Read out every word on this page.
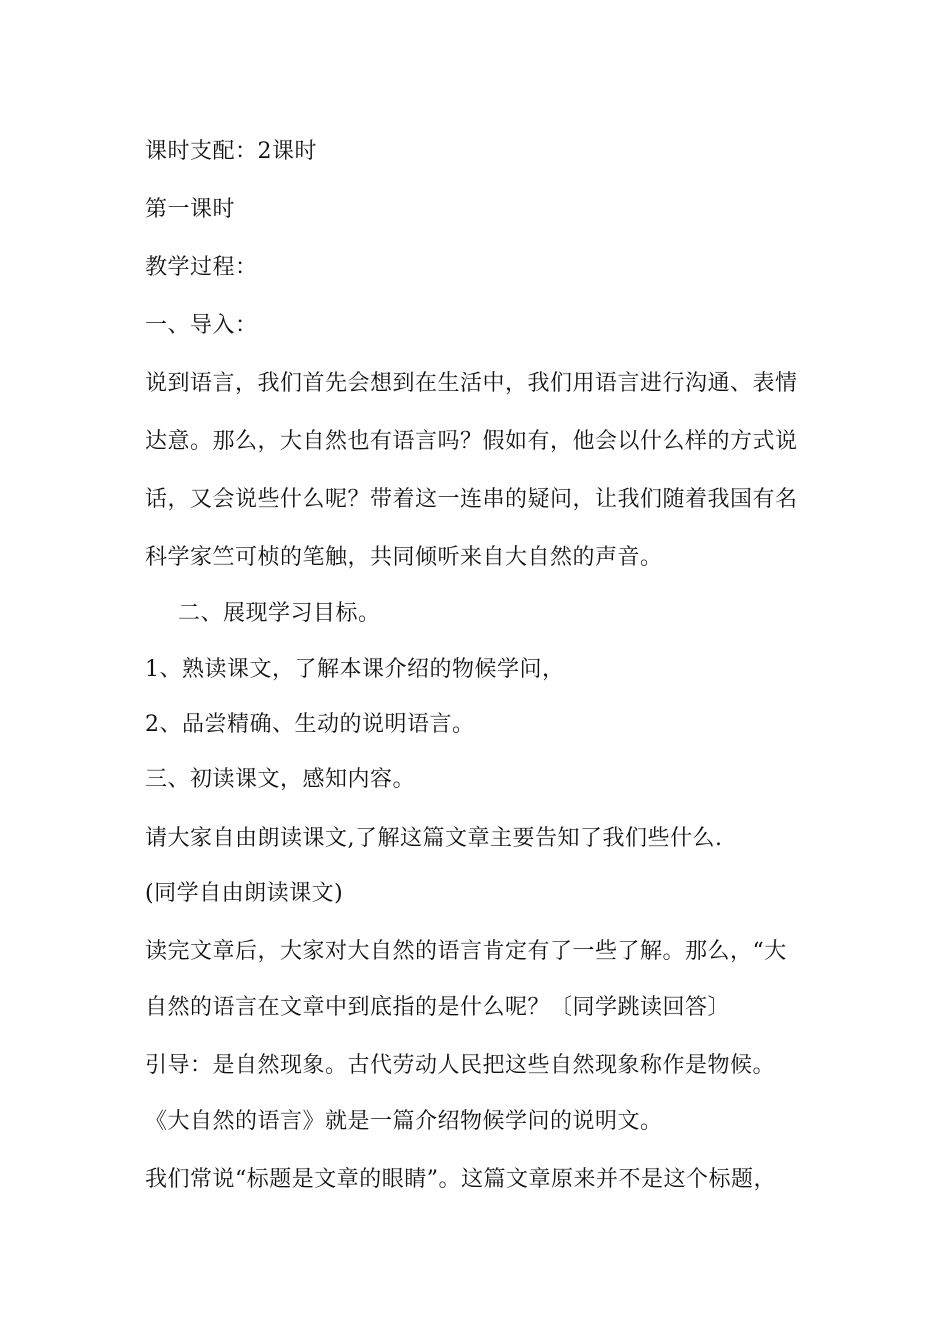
课时支配：2课时
第一课时
教学过程：
一、导入：
说到语言，我们首先会想到在生活中，我们用语言进行沟通、表情
达意。那么，大自然也有语言吗？假如有，他会以什么样的方式说
话，又会说些什么呢？带着这一连串的疑问，让我们随着我国有名
科学家竺可桢的笔触，共同倾听来自大自然的声音。
二、展现学习目标。
1、熟读课文，了解本课介绍的物候学问，
2、品尝精确、生动的说明语言。
三、初读课文，感知内容。
请大家自由朗读课文,了解这篇文章主要告知了我们些什么.
(同学自由朗读课文)
读完文章后，大家对大自然的语言肯定有了一些了解。那么，“大
自然的语言在文章中到底指的是什么呢？〔同学跳读回答〕
引导：是自然现象。古代劳动人民把这些自然现象称作是物候。
《大自然的语言》就是一篇介绍物候学问的说明文。
我们常说“标题是文章的眼睛”。这篇文章原来并不是这个标题，
